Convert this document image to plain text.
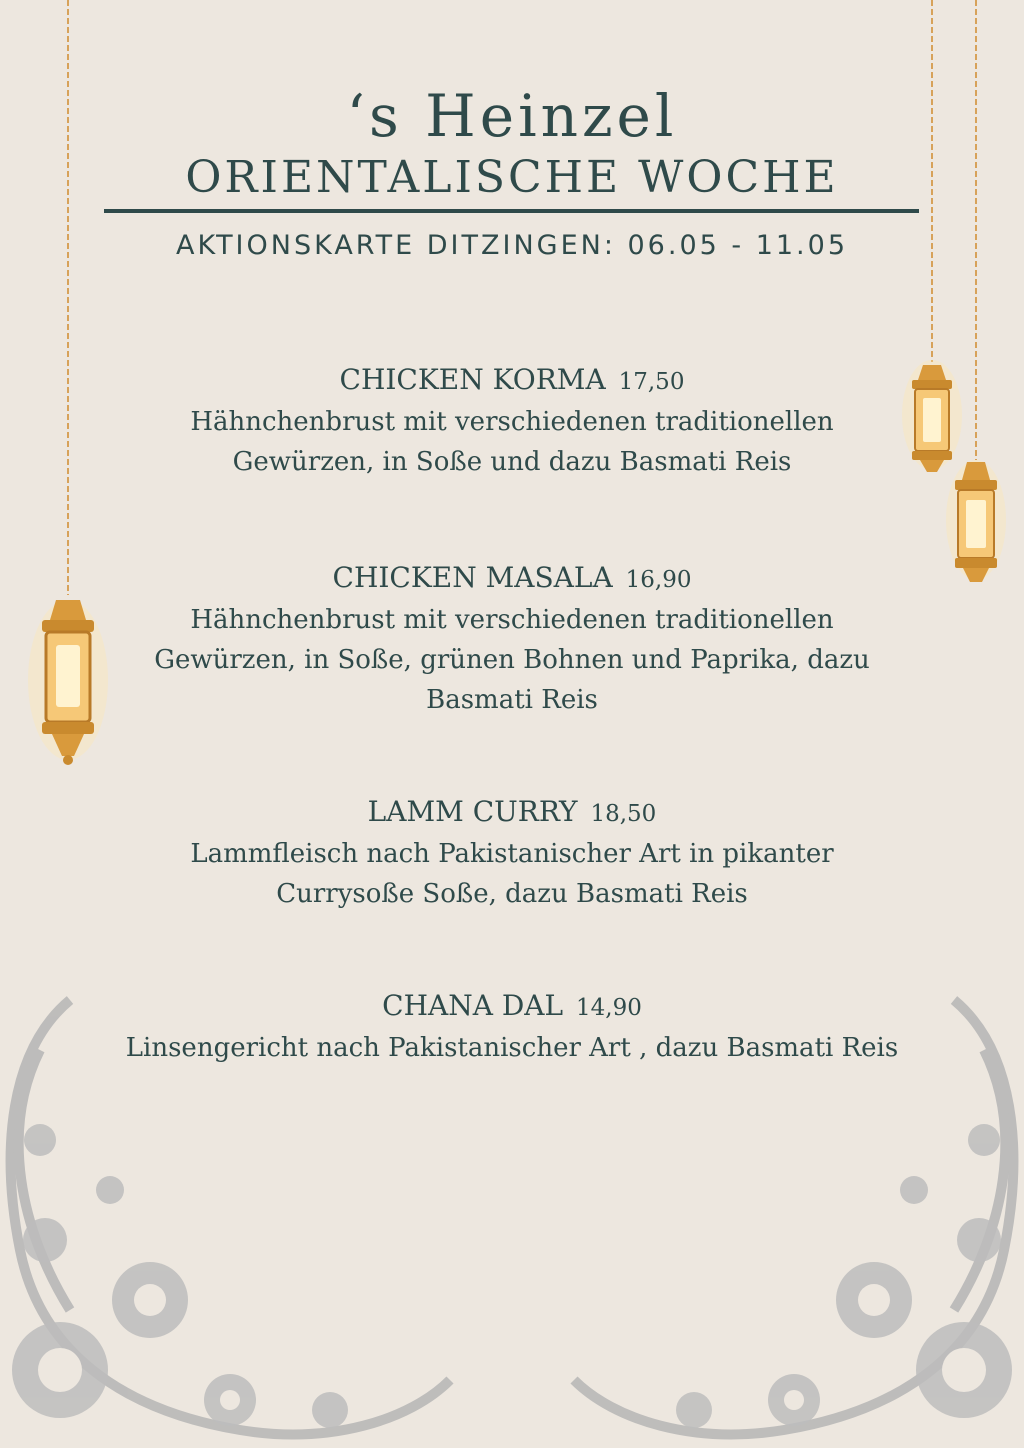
‘s Heinzel
ORIENTALISCHE WOCHE
AKTIONSKARTE DITZINGEN: 06.05 - 11.05
CHICKEN KORMA 17,50
Hähnchenbrust mit verschiedenen traditionellen Gewürzen, in Soße und dazu Basmati Reis
CHICKEN MASALA 16,90
Hähnchenbrust mit verschiedenen traditionellen Gewürzen, in Soße, grünen Bohnen und Paprika, dazu Basmati Reis
LAMM CURRY 18,50
Lammfleisch nach Pakistanischer Art in pikanter Currysoße Soße, dazu Basmati Reis
CHANA DAL 14,90
Linsengericht nach Pakistanischer Art , dazu Basmati Reis
